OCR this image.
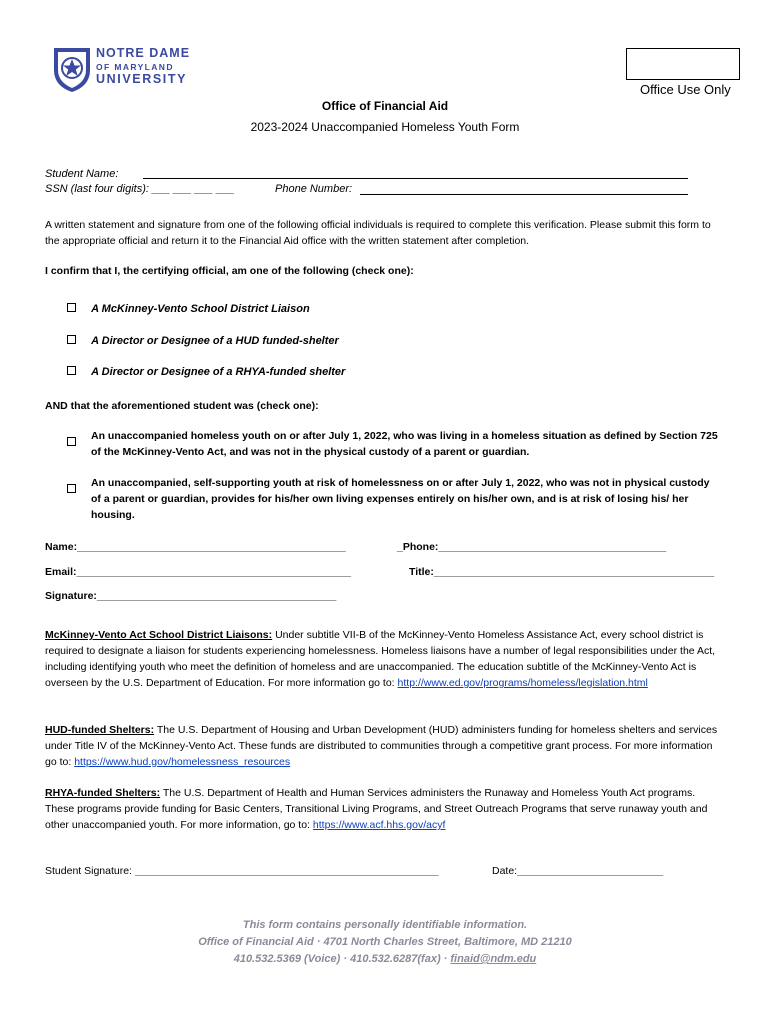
NOTRE DAME
OF MARYLAND
UNIVERSITY
Office Use Only
Office of Financial Aid
2023-2024 Unaccompanied Homeless Youth Form
Student Name:
SSN (last four digits): ___ ___ ___ ___	Phone Number:
A written statement and signature from one of the following official individuals is required to complete this verification. Please submit this form to the appropriate official and return it to the Financial Aid office with the written statement after completion.
I confirm that I, the certifying official, am one of the following (check one):
A McKinney-Vento School District Liaison
A Director or Designee of a HUD funded-shelter
A Director or Designee of a RHYA-funded shelter
AND that the aforementioned student was (check one):
An unaccompanied homeless youth on or after July 1, 2022, who was living in a homeless situation as defined by Section 725 of the McKinney-Vento Act, and was not in the physical custody of a parent or guardian.
An unaccompanied, self-supporting youth at risk of homelessness on or after July 1, 2022, who was not in physical custody of a parent or guardian, provides for his/her own living expenses entirely on his/her own, and is at risk of losing his/ her housing.
Name:______________________________________________	_Phone:_______________________________________
Email:_______________________________________________	Title:________________________________________________
Signature:_________________________________________
McKinney-Vento Act School District Liaisons: Under subtitle VII-B of the McKinney-Vento Homeless Assistance Act, every school district is required to designate a liaison for students experiencing homelessness. Homeless liaisons have a number of legal responsibilities under the Act, including identifying youth who meet the definition of homeless and are unaccompanied. The education subtitle of the McKinney-Vento Act is overseen by the U.S. Department of Education. For more information go to: http://www.ed.gov/programs/homeless/legislation.html
HUD-funded Shelters: The U.S. Department of Housing and Urban Development (HUD) administers funding for homeless shelters and services under Title IV of the McKinney-Vento Act. These funds are distributed to communities through a competitive grant process. For more information go to: https://www.hud.gov/homelessness_resources
RHYA-funded Shelters: The U.S. Department of Health and Human Services administers the Runaway and Homeless Youth Act programs. These programs provide funding for Basic Centers, Transitional Living Programs, and Street Outreach Programs that serve runaway youth and other unaccompanied youth. For more information, go to: https://www.acf.hhs.gov/acyf
Student Signature: ____________________________________________________	Date:_________________________
This form contains personally identifiable information.
Office of Financial Aid · 4701 North Charles Street, Baltimore, MD 21210
410.532.5369 (Voice) · 410.532.6287(fax) · finaid@ndm.edu
